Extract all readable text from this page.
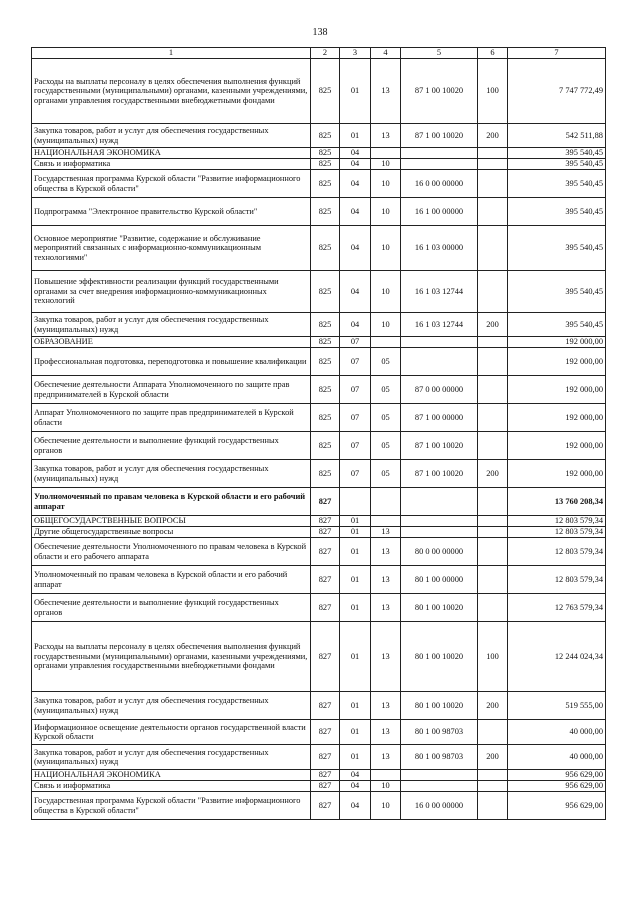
138
1	2	3	4	5	6	7
Расходы на выплаты персоналу в целях обеспечения выполнения функций государственными (муниципальными) органами, казенными учреждениями, органами управления государственными внебюджетными фондами	825	01	13	87 1 00 10020	100	7 747 772,49
Закупка товаров, работ и услуг для обеспечения государственных (муниципальных) нужд	825	01	13	87 1 00 10020	200	542 511,88
НАЦИОНАЛЬНАЯ ЭКОНОМИКА	825	04				395 540,45
Связь и информатика	825	04	10			395 540,45
Государственная программа Курской области "Развитие информационного общества в Курской области"	825	04	10	16 0 00 00000		395 540,45
Подпрограмма "Электронное правительство Курской области"	825	04	10	16 1 00 00000		395 540,45
Основное мероприятие "Развитие, содержание и обслуживание мероприятий связанных с информационно-коммуникационным технологиями"	825	04	10	16 1 03 00000		395 540,45
Повышение эффективности реализации функций государственными органами за счет внедрения информационно-коммуникационных технологий	825	04	10	16 1 03 12744		395 540,45
Закупка товаров, работ и услуг для обеспечения государственных (муниципальных) нужд	825	04	10	16 1 03 12744	200	395 540,45
ОБРАЗОВАНИЕ	825	07				192 000,00
Профессиональная подготовка, переподготовка и повышение квалификации	825	07	05			192 000,00
Обеспечение деятельности Аппарата Уполномоченного по защите прав предпринимателей в Курской области	825	07	05	87 0 00 00000		192 000,00
Аппарат Уполномоченного по защите прав предпринимателей в Курской области	825	07	05	87 1 00 00000		192 000,00
Обеспечение деятельности и выполнение функций государственных органов	825	07	05	87 1 00 10020		192 000,00
Закупка товаров, работ и услуг для обеспечения государственных (муниципальных) нужд	825	07	05	87 1 00 10020	200	192 000,00
Уполномоченный по правам человека в Курской области и его рабочий аппарат	827					13 760 208,34
ОБЩЕГОСУДАРСТВЕННЫЕ ВОПРОСЫ	827	01				12 803 579,34
Другие общегосударственные вопросы	827	01	13			12 803 579,34
Обеспечение деятельности Уполномоченного по правам человека в Курской области и его рабочего аппарата	827	01	13	80 0 00 00000		12 803 579,34
Уполномоченный по правам человека в Курской области и его рабочий аппарат	827	01	13	80 1 00 00000		12 803 579,34
Обеспечение деятельности и выполнение функций государственных органов	827	01	13	80 1 00 10020		12 763 579,34
Расходы на выплаты персоналу в целях обеспечения выполнения функций государственными (муниципальными) органами, казенными учреждениями, органами управления государственными внебюджетными фондами	827	01	13	80 1 00 10020	100	12 244 024,34
Закупка товаров, работ и услуг для обеспечения государственных (муниципальных) нужд	827	01	13	80 1 00 10020	200	519 555,00
Информационное освещение деятельности органов государственной власти Курской области	827	01	13	80 1 00 98703		40 000,00
Закупка товаров, работ и услуг для обеспечения государственных (муниципальных) нужд	827	01	13	80 1 00 98703	200	40 000,00
НАЦИОНАЛЬНАЯ ЭКОНОМИКА	827	04				956 629,00
Связь и информатика	827	04	10			956 629,00
Государственная программа Курской области "Развитие информационного общества в Курской области"	827	04	10	16 0 00 00000		956 629,00
